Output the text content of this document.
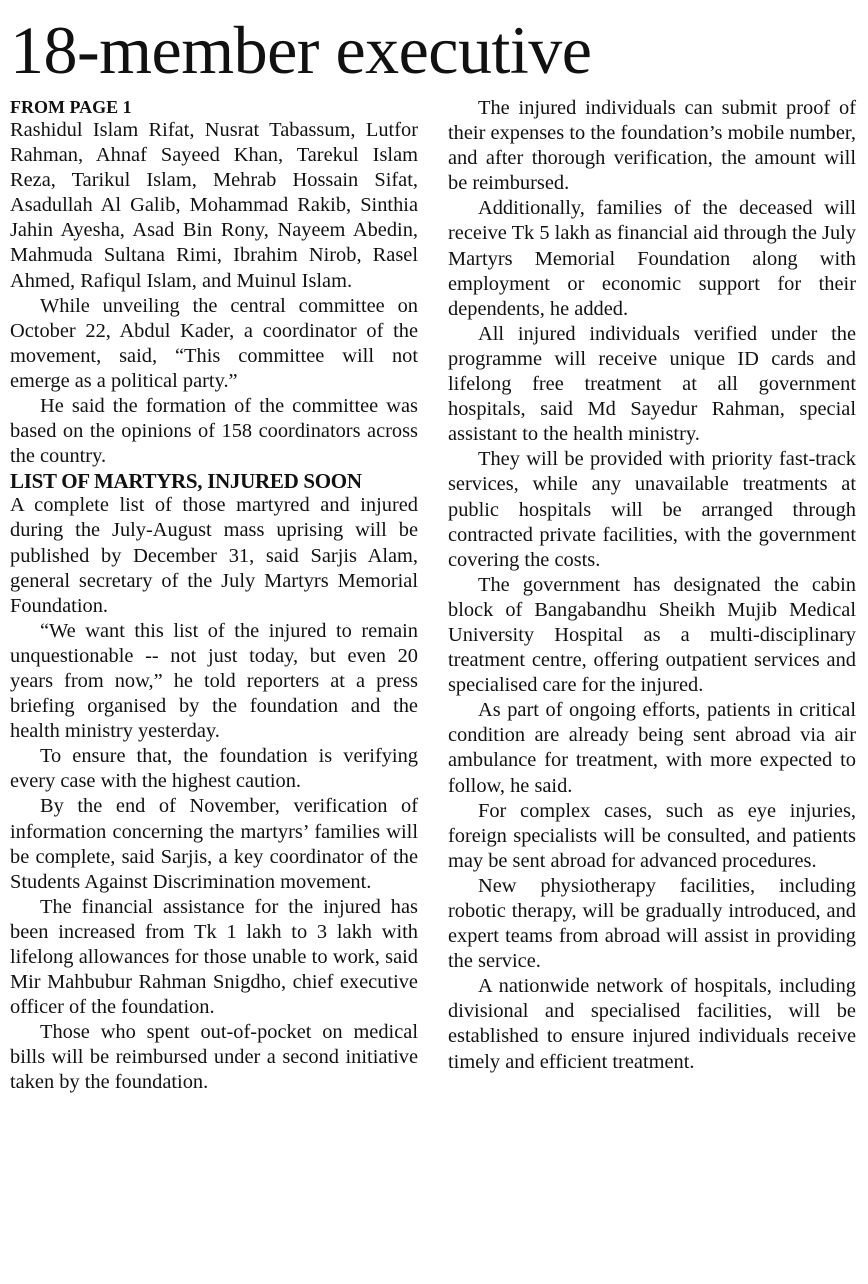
18-member executive
FROM PAGE 1

Rashidul Islam Rifat, Nusrat Tabassum, Lutfor Rahman, Ahnaf Sayeed Khan, Tarekul Islam Reza, Tarikul Islam, Mehrab Hossain Sifat, Asadullah Al Galib, Mohammad Rakib, Sinthia Jahin Ayesha, Asad Bin Rony, Nayeem Abedin, Mahmuda Sultana Rimi, Ibrahim Nirob, Rasel Ahmed, Rafiqul Islam, and Muinul Islam.

While unveiling the central committee on October 22, Abdul Kader, a coordinator of the movement, said, “This committee will not emerge as a political party.”

He said the formation of the committee was based on the opinions of 158 coordinators across the country.

LIST OF MARTYRS, INJURED SOON

A complete list of those martyred and injured during the July-August mass uprising will be published by December 31, said Sarjis Alam, general secretary of the July Martyrs Memorial Foundation.

“We want this list of the injured to remain unquestionable -- not just today, but even 20 years from now,” he told reporters at a press briefing organised by the foundation and the health ministry yesterday.

To ensure that, the foundation is verifying every case with the highest caution.

By the end of November, verification of information concerning the martyrs’ families will be complete, said Sarjis, a key coordinator of the Students Against Discrimination movement.

The financial assistance for the injured has been increased from Tk 1 lakh to 3 lakh with lifelong allowances for those unable to work, said Mir Mahbubur Rahman Snigdho, chief executive officer of the foundation.

Those who spent out-of-pocket on medical bills will be reimbursed under a second initiative taken by the foundation.

The injured individuals can submit proof of their expenses to the foundation’s mobile number, and after thorough verification, the amount will be reimbursed.

Additionally, families of the deceased will receive Tk 5 lakh as financial aid through the July Martyrs Memorial Foundation along with employment or economic support for their dependents, he added.

All injured individuals verified under the programme will receive unique ID cards and lifelong free treatment at all government hospitals, said Md Sayedur Rahman, special assistant to the health ministry.

They will be provided with priority fast-track services, while any unavailable treatments at public hospitals will be arranged through contracted private facilities, with the government covering the costs.

The government has designated the cabin block of Bangabandhu Sheikh Mujib Medical University Hospital as a multi-disciplinary treatment centre, offering outpatient services and specialised care for the injured.

As part of ongoing efforts, patients in critical condition are already being sent abroad via air ambulance for treatment, with more expected to follow, he said.

For complex cases, such as eye injuries, foreign specialists will be consulted, and patients may be sent abroad for advanced procedures.

New physiotherapy facilities, including robotic therapy, will be gradually introduced, and expert teams from abroad will assist in providing the service.

A nationwide network of hospitals, including divisional and specialised facilities, will be established to ensure injured individuals receive timely and efficient treatment.
